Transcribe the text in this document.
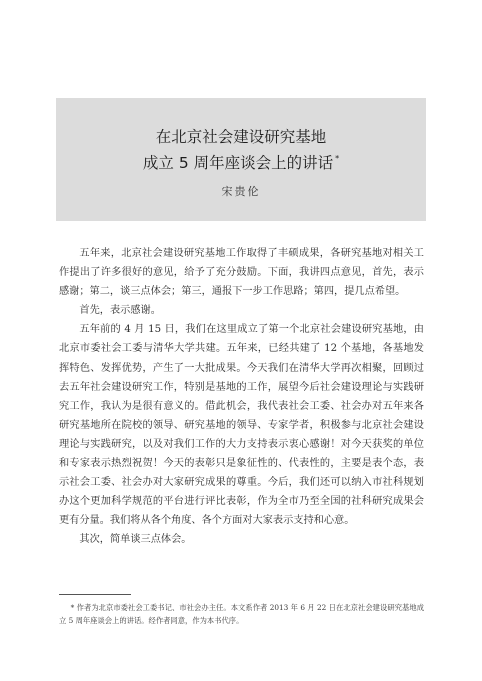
在北京社会建设研究基地
成立 5 周年座谈会上的讲话 *
宋贵伦

五年来，北京社会建设研究基地工作取得了丰硕成果，各研究基地对相关工作提出了许多很好的意见，给予了充分鼓励。下面，我讲四点意见，首先，表示感谢；第二，谈三点体会；第三，通报下一步工作思路；第四，提几点希望。

首先，表示感谢。

五年前的 4 月 15 日，我们在这里成立了第一个北京社会建设研究基地，由北京市委社会工委与清华大学共建。五年来，已经共建了 12 个基地，各基地发挥特色、发挥优势，产生了一大批成果。今天我们在清华大学再次相聚，回顾过去五年社会建设研究工作，特别是基地的工作，展望今后社会建设理论与实践研究工作，我认为是很有意义的。借此机会，我代表社会工委、社会办对五年来各研究基地所在院校的领导、研究基地的领导、专家学者，积极参与北京社会建设理论与实践研究，以及对我们工作的大力支持表示衷心感谢！对今天获奖的单位和专家表示热烈祝贺！今天的表彰只是象征性的、代表性的，主要是表个态，表示社会工委、社会办对大家研究成果的尊重。今后，我们还可以纳入市社科规划办这个更加科学规范的平台进行评比表彰，作为全市乃至全国的社科研究成果会更有分量。我们将从各个角度、各个方面对大家表示支持和心意。

其次，简单谈三点体会。

* 作者为北京市委社会工委书记、市社会办主任。本文系作者 2013 年 6 月 22 日在北京社会建设研究基地成立 5 周年座谈会上的讲话。经作者同意，作为本书代序。
